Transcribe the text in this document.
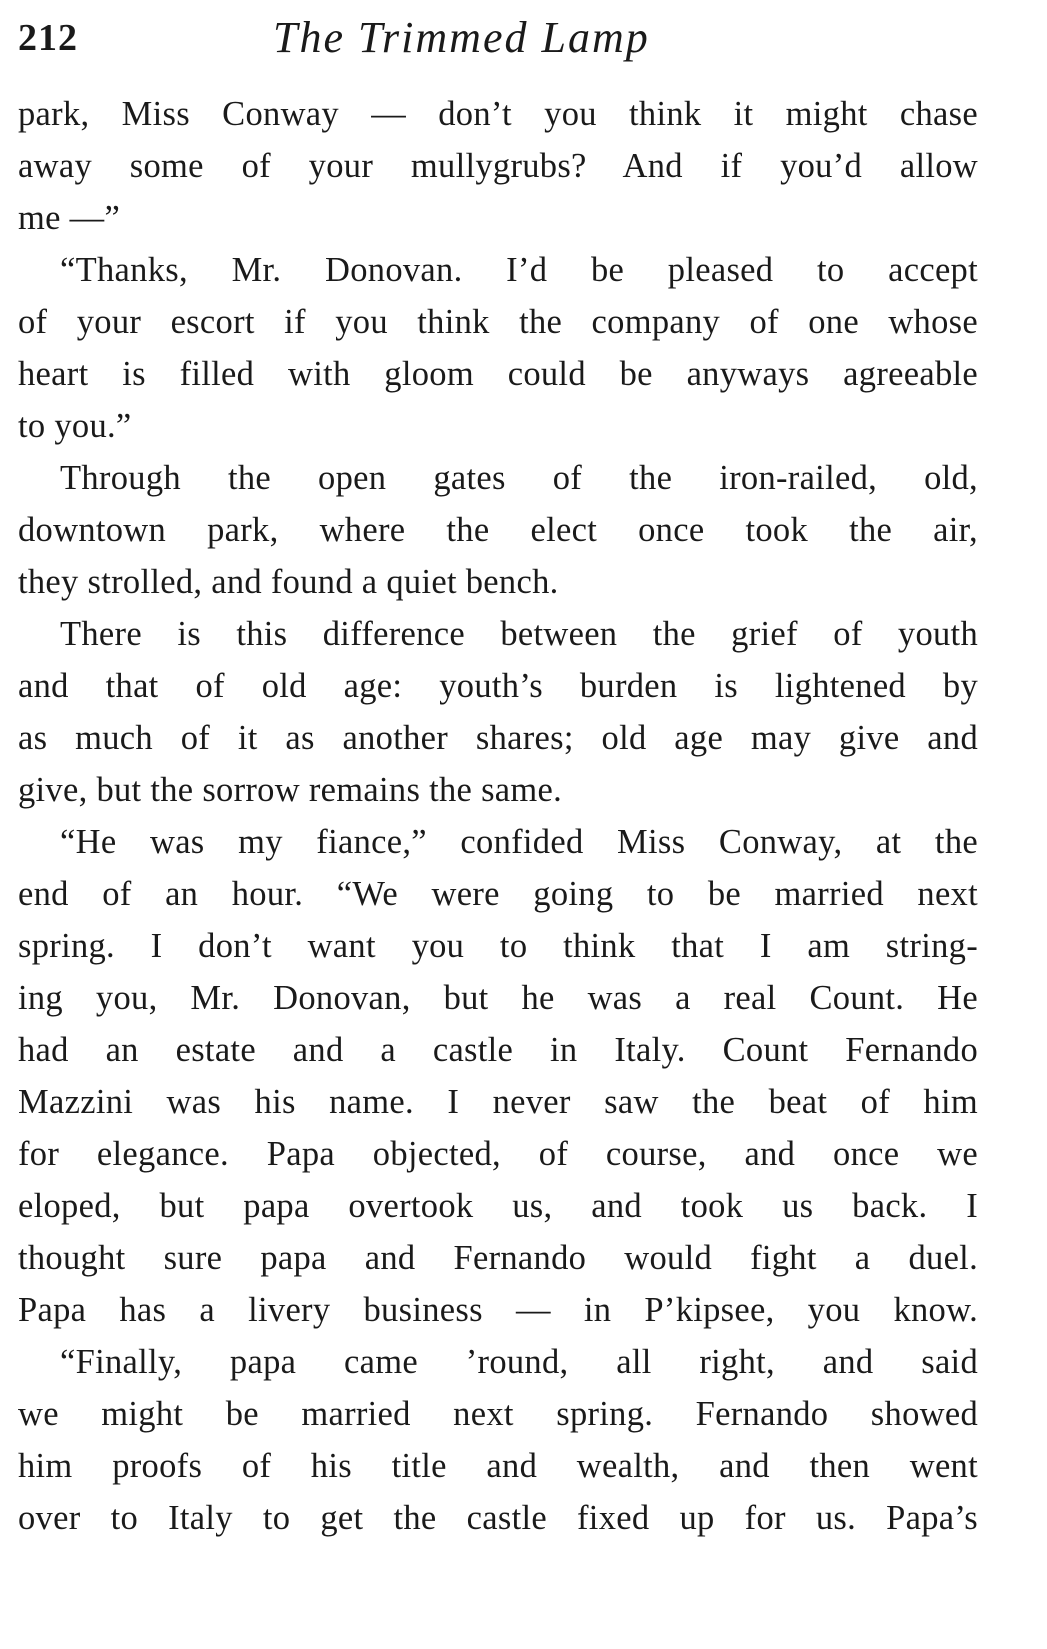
212	The Trimmed Lamp
park, Miss Conway — don’t you think it might chase
away some of your mullygrubs? And if you’d allow
me —”
“Thanks, Mr. Donovan. I’d be pleased to accept
of your escort if you think the company of one whose
heart is filled with gloom could be anyways agreeable
to you.”
Through the open gates of the iron-railed, old,
downtown park, where the elect once took the air,
they strolled, and found a quiet bench.
There is this difference between the grief of youth
and that of old age: youth’s burden is lightened by
as much of it as another shares; old age may give and
give, but the sorrow remains the same.
“He was my fiance,” confided Miss Conway, at the
end of an hour. “We were going to be married next
spring. I don’t want you to think that I am string-
ing you, Mr. Donovan, but he was a real Count. He
had an estate and a castle in Italy. Count Fernando
Mazzini was his name. I never saw the beat of him
for elegance. Papa objected, of course, and once we
eloped, but papa overtook us, and took us back. I
thought sure papa and Fernando would fight a duel.
Papa has a livery business — in P’kipsee, you know.
“Finally, papa came ’round, all right, and said
we might be married next spring. Fernando showed
him proofs of his title and wealth, and then went
over to Italy to get the castle fixed up for us. Papa’s
